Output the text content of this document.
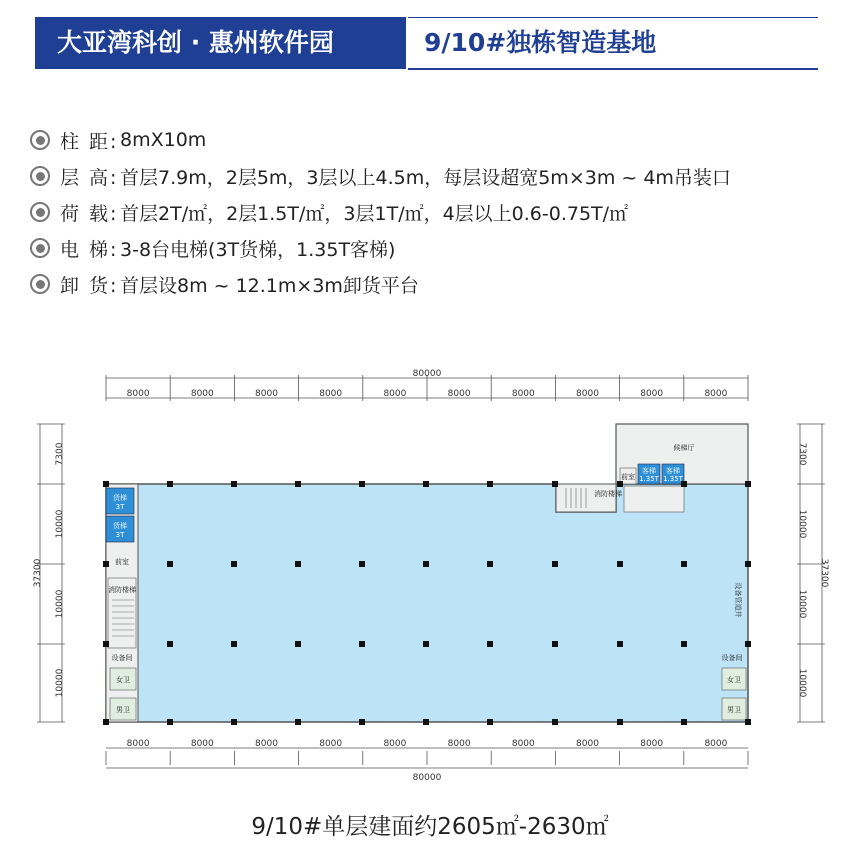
大亚湾科创 · 惠州软件园	9/10#独栋智造基地
柱 距: 8mX10m
层 高: 首层7.9m，2层5m，3层以上4.5m，每层设超宽5m×3m ~ 4m吊装口
荷 载: 首层2T/㎡，2层1.5T/㎡，3层1T/㎡，4层以上0.6-0.75T/㎡
电 梯: 3-8台电梯(3T货梯，1.35T客梯)
卸 货: 首层设8m ~ 12.1m×3m卸货平台
80000
8000	8000	8000	8000	8000	8000	8000	8000	8000	8000
80000
8000	8000	8000	8000	8000	8000	8000	8000	8000	8000
37300
7300
10000
10000
10000
37300
7300
10000
10000
10000
货梯
3T
货梯
3T
前室
消防楼梯
设备间
女卫
男卫
设备间
女卫
男卫
候梯厅
客梯
1.35T
客梯
1.35T
前室
消防楼梯
设备管道井
9/10#单层建面约2605㎡-2630㎡
